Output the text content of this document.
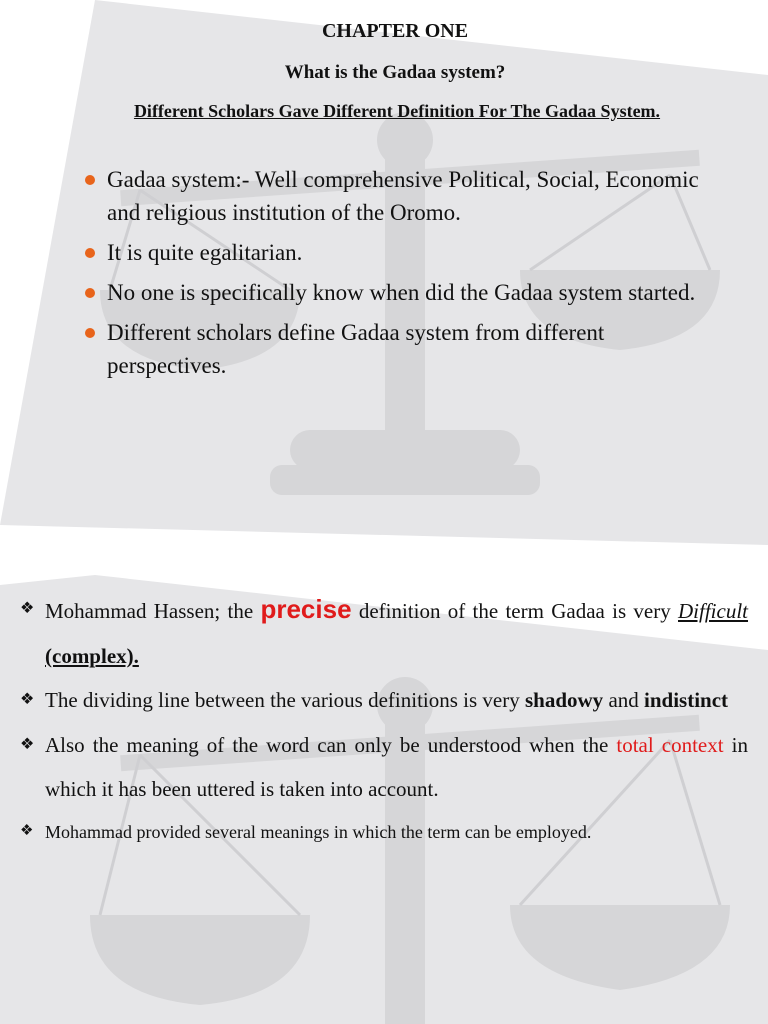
CHAPTER ONE
What is the Gadaa system?
Different Scholars Gave Different Definition For The Gadaa System.
Gadaa system:- Well comprehensive Political, Social, Economic and religious institution of the Oromo.
It is quite egalitarian.
No one is specifically know when did the Gadaa system started.
Different scholars define Gadaa system from different perspectives.
❖ Mohammad Hassen; the precise definition of the term Gadaa is very Difficult (complex).
❖ The dividing line between the various definitions is very shadowy and indistinct
❖ Also the meaning of the word can only be understood when the total context in which it has been uttered is taken into account.
❖ Mohammad provided several meanings in which the term can be employed.
